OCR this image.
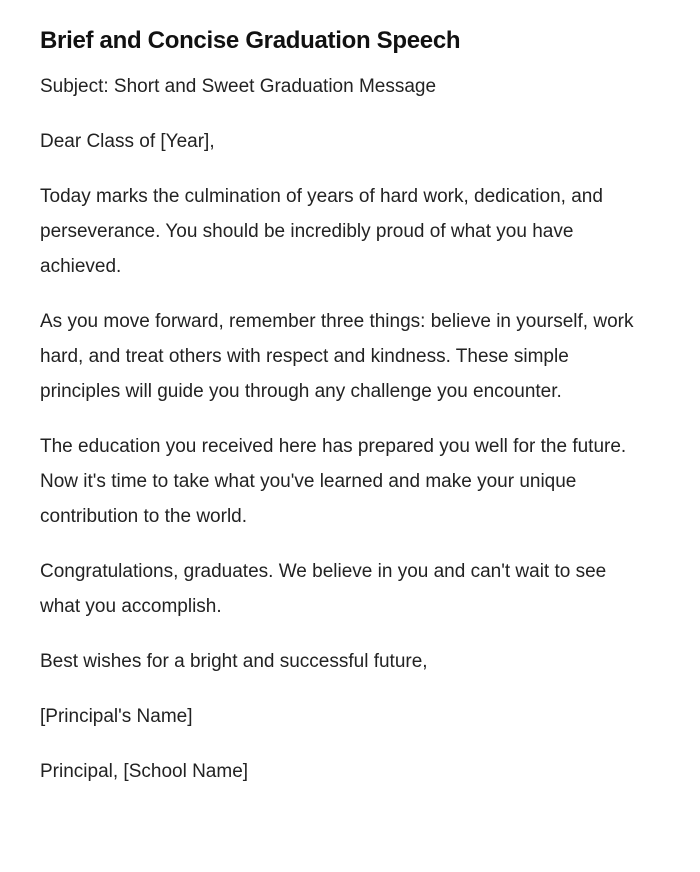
Brief and Concise Graduation Speech

Subject: Short and Sweet Graduation Message

Dear Class of [Year],

Today marks the culmination of years of hard work, dedication, and perseverance. You should be incredibly proud of what you have achieved.

As you move forward, remember three things: believe in yourself, work hard, and treat others with respect and kindness. These simple principles will guide you through any challenge you encounter.

The education you received here has prepared you well for the future. Now it's time to take what you've learned and make your unique contribution to the world.

Congratulations, graduates. We believe in you and can't wait to see what you accomplish.

Best wishes for a bright and successful future,

[Principal's Name]

Principal, [School Name]
